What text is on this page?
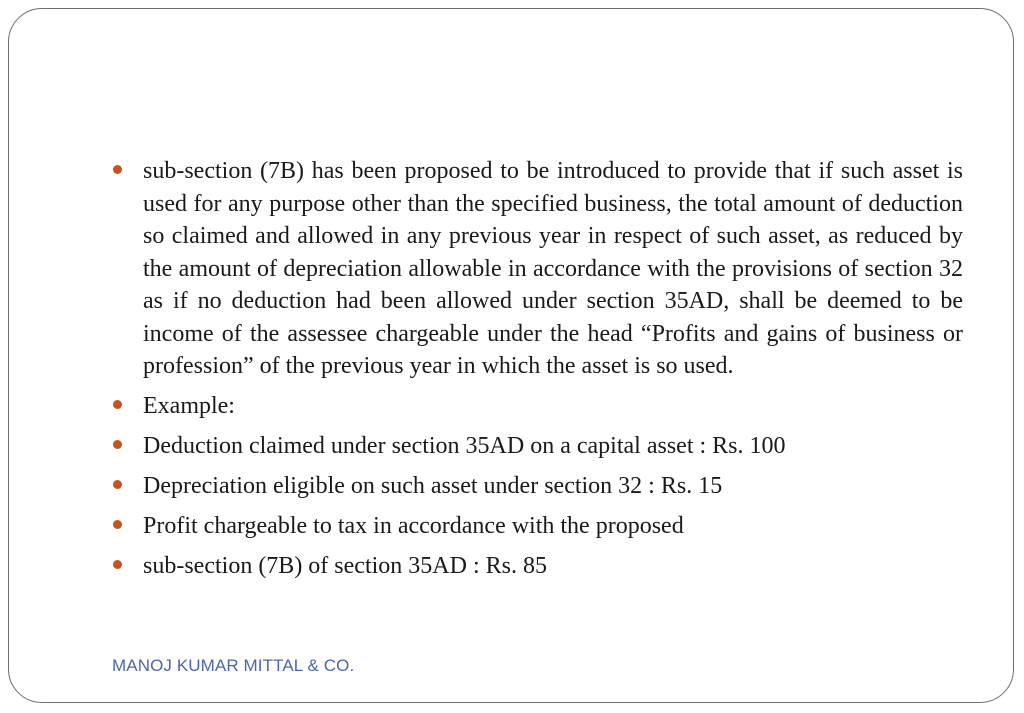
sub-section (7B) has been proposed to be introduced to provide that if such asset is used for any purpose other than the specified business, the total amount of deduction so claimed and allowed in any previous year in respect of such asset, as reduced by the amount of depreciation allowable in accordance with the provisions of section 32 as if no deduction had been allowed under section 35AD, shall be deemed to be income of the assessee chargeable under the head “Profits and gains of business or profession” of the previous year in which the asset is so used.
Example:
Deduction claimed under section 35AD on a capital asset : Rs. 100
Depreciation eligible on such asset under section 32 : Rs. 15
Profit chargeable to tax in accordance with the proposed
sub-section (7B) of section 35AD : Rs. 85
MANOJ KUMAR MITTAL & CO.
